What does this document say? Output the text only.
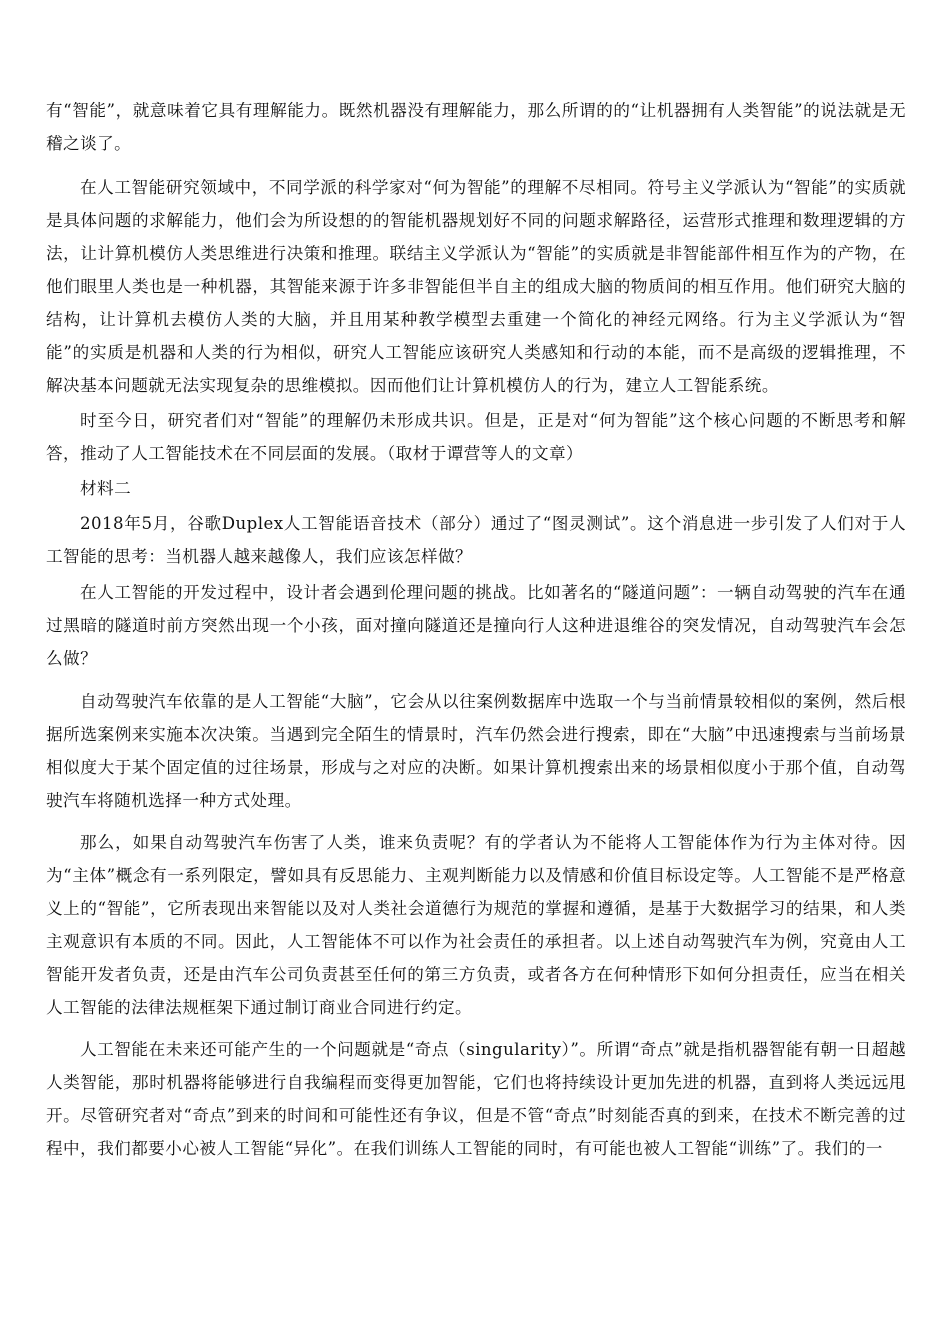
有“智能”，就意味着它具有理解能力。既然机器没有理解能力，那么所谓的的“让机器拥有人类智能”的说法就是无稽之谈了。

在人工智能研究领域中，不同学派的科学家对“何为智能”的理解不尽相同。符号主义学派认为“智能”的实质就是具体问题的求解能力，他们会为所设想的的智能机器规划好不同的问题求解路径，运营形式推理和数理逻辑的方法，让计算机模仿人类思维进行决策和推理。联结主义学派认为“智能”的实质就是非智能部件相互作为的产物，在他们眼里人类也是一种机器，其智能来源于许多非智能但半自主的组成大脑的物质间的相互作用。他们研究大脑的结构，让计算机去模仿人类的大脑，并且用某种教学模型去重建一个简化的神经元网络。行为主义学派认为“智能”的实质是机器和人类的行为相似，研究人工智能应该研究人类感知和行动的本能，而不是高级的逻辑推理，不解决基本问题就无法实现复杂的思维模拟。因而他们让计算机模仿人的行为，建立人工智能系统。

时至今日，研究者们对“智能”的理解仍未形成共识。但是，正是对“何为智能”这个核心问题的不断思考和解答，推动了人工智能技术在不同层面的发展。（取材于谭营等人的文章）

材料二

2018年5月，谷歌Duplex人工智能语音技术（部分）通过了“图灵测试”。这个消息进一步引发了人们对于人工智能的思考：当机器人越来越像人，我们应该怎样做？

在人工智能的开发过程中，设计者会遇到伦理问题的挑战。比如著名的“隧道问题”：一辆自动驾驶的汽车在通过黑暗的隧道时前方突然出现一个小孩，面对撞向隧道还是撞向行人这种进退维谷的突发情况，自动驾驶汽车会怎么做？

自动驾驶汽车依靠的是人工智能“大脑”，它会从以往案例数据库中选取一个与当前情景较相似的案例，然后根据所选案例来实施本次决策。当遇到完全陌生的情景时，汽车仍然会进行搜索，即在“大脑”中迅速搜索与当前场景相似度大于某个固定值的过往场景，形成与之对应的决断。如果计算机搜索出来的场景相似度小于那个值，自动驾驶汽车将随机选择一种方式处理。

那么，如果自动驾驶汽车伤害了人类，谁来负责呢？有的学者认为不能将人工智能体作为行为主体对待。因为“主体”概念有一系列限定，譬如具有反思能力、主观判断能力以及情感和价值目标设定等。人工智能不是严格意义上的“智能”，它所表现出来智能以及对人类社会道德行为规范的掌握和遵循，是基于大数据学习的结果，和人类主观意识有本质的不同。因此，人工智能体不可以作为社会责任的承担者。以上述自动驾驶汽车为例，究竟由人工智能开发者负责，还是由汽车公司负责甚至任何的第三方负责，或者各方在何种情形下如何分担责任，应当在相关人工智能的法律法规框架下通过制订商业合同进行约定。

人工智能在未来还可能产生的一个问题就是“奇点（singularity）”。所谓“奇点”就是指机器智能有朝一日超越人类智能，那时机器将能够进行自我编程而变得更加智能，它们也将持续设计更加先进的机器，直到将人类远远甩开。尽管研究者对“奇点”到来的时间和可能性还有争议，但是不管“奇点”时刻能否真的到来，在技术不断完善的过程中，我们都要小心被人工智能“异化”。在我们训练人工智能的同时，有可能也被人工智能“训练”了。我们的一
